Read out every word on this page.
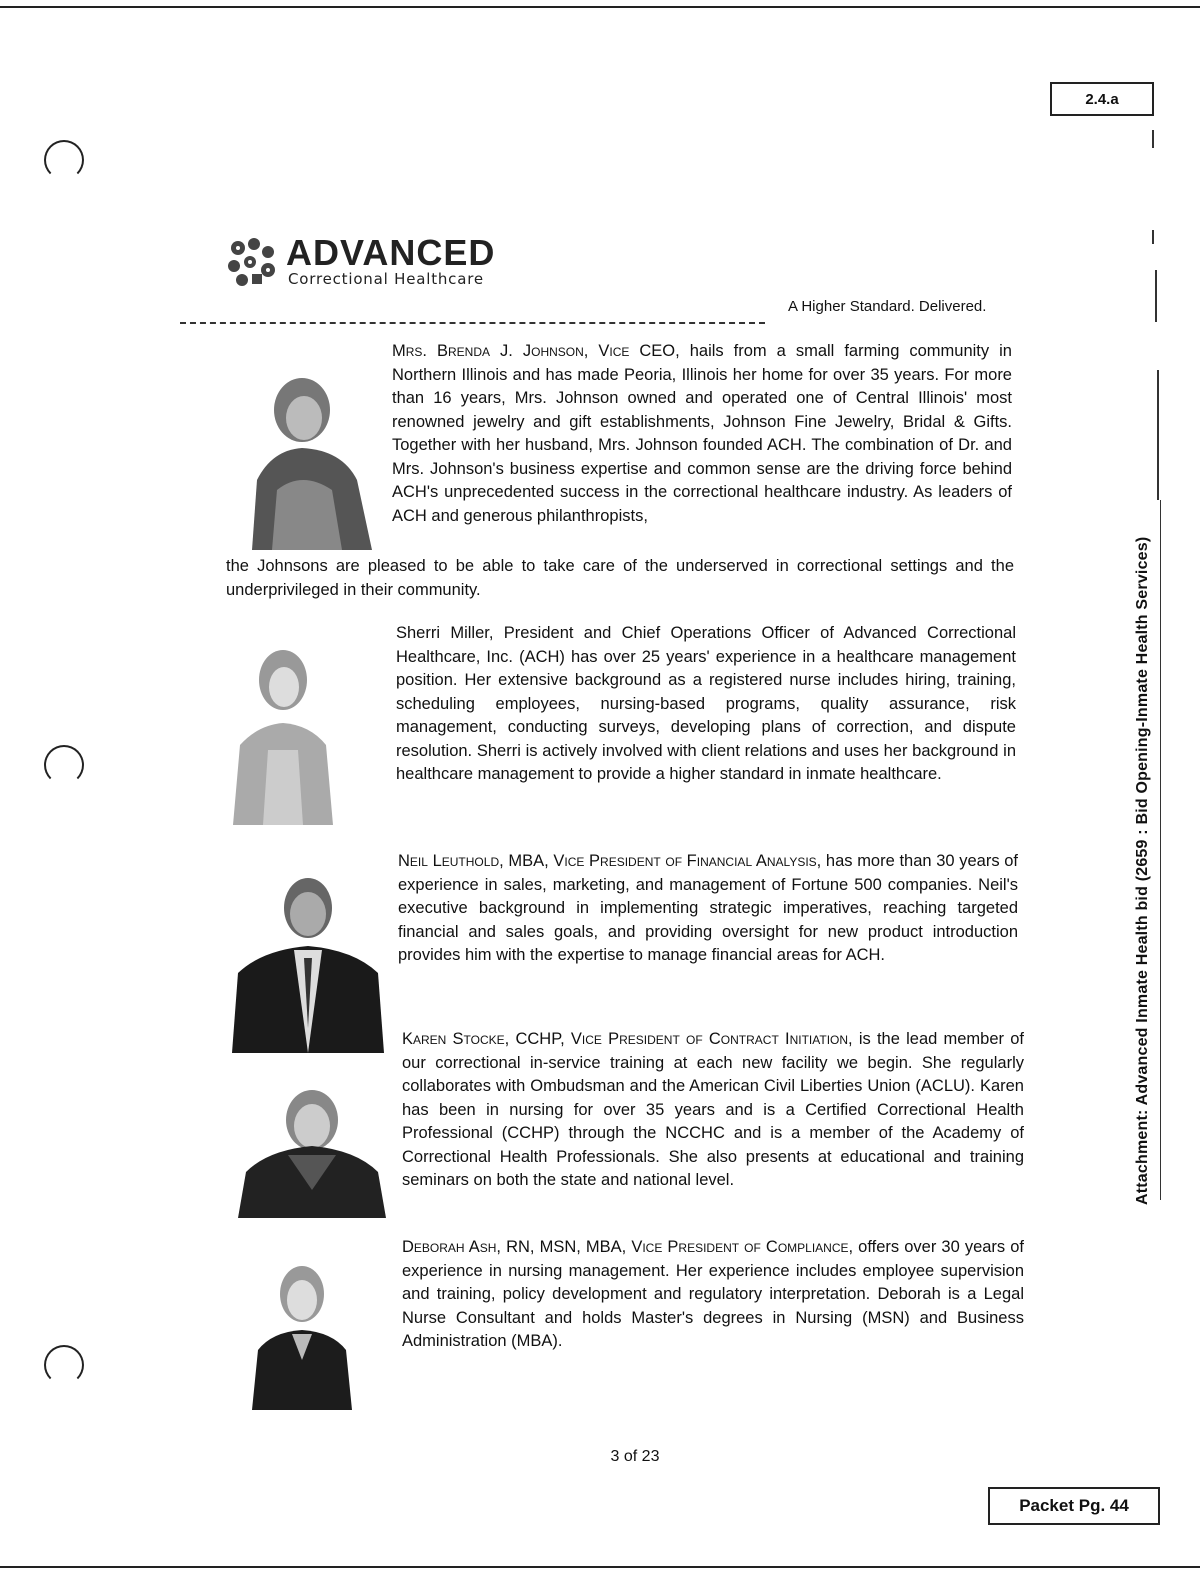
2.4.a
Attachment: Advanced Inmate Health bid (2659 : Bid Opening-Inmate Health Services)
ADVANCED
Correctional Healthcare
A Higher Standard. Delivered.
Mrs. Brenda J. Johnson, Vice CEO, hails from a small farming community in Northern Illinois and has made Peoria, Illinois her home for over 35 years. For more than 16 years, Mrs. Johnson owned and operated one of Central Illinois' most renowned jewelry and gift establishments, Johnson Fine Jewelry, Bridal & Gifts. Together with her husband, Mrs. Johnson founded ACH. The combination of Dr. and Mrs. Johnson's business expertise and common sense are the driving force behind ACH's unprecedented success in the correctional healthcare industry. As leaders of ACH and generous philanthropists,
the Johnsons are pleased to be able to take care of the underserved in correctional settings and the underprivileged in their community.
Sherri Miller, President and Chief Operations Officer of Advanced Correctional Healthcare, Inc. (ACH) has over 25 years' experience in a healthcare management position. Her extensive background as a registered nurse includes hiring, training, scheduling employees, nursing-based programs, quality assurance, risk management, conducting surveys, developing plans of correction, and dispute resolution. Sherri is actively involved with client relations and uses her background in healthcare management to provide a higher standard in inmate healthcare.
Neil Leuthold, MBA, Vice President of Financial Analysis, has more than 30 years of experience in sales, marketing, and management of Fortune 500 companies. Neil's executive background in implementing strategic imperatives, reaching targeted financial and sales goals, and providing oversight for new product introduction provides him with the expertise to manage financial areas for ACH.
Karen Stocke, CCHP, Vice President of Contract Initiation, is the lead member of our correctional in-service training at each new facility we begin. She regularly collaborates with Ombudsman and the American Civil Liberties Union (ACLU). Karen has been in nursing for over 35 years and is a Certified Correctional Health Professional (CCHP) through the NCCHC and is a member of the Academy of Correctional Health Professionals. She also presents at educational and training seminars on both the state and national level.
Deborah Ash, RN, MSN, MBA, Vice President of Compliance, offers over 30 years of experience in nursing management. Her experience includes employee supervision and training, policy development and regulatory interpretation. Deborah is a Legal Nurse Consultant and holds Master's degrees in Nursing (MSN) and Business Administration (MBA).
3 of 23
Packet Pg. 44
